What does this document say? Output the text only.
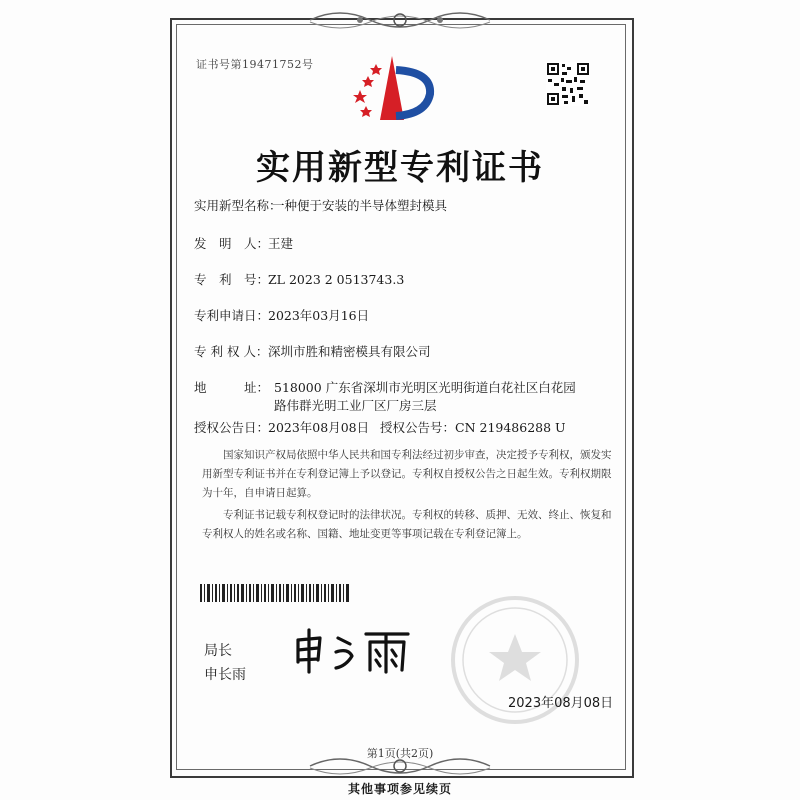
证书号第19471752号
实用新型专利证书
实用新型名称：一种便于安装的半导体塑封模具
发　明　人：王建
专　利　号：ZL 2023 2 0513743.3
专利申请日：2023年03月16日
专 利 权 人：深圳市胜和精密模具有限公司
地　　　址： 518000 广东省深圳市光明区光明街道白花社区白花园
路伟群光明工业厂区厂房三层
授权公告日：2023年08月08日 授权公告号：CN 219486288 U
国家知识产权局依照中华人民共和国专利法经过初步审查，决定授予专利权，颁发实用新型专利证书并在专利登记簿上予以登记。专利权自授权公告之日起生效。专利权期限为十年，自申请日起算。
专利证书记载专利权登记时的法律状况。专利权的转移、质押、无效、终止、恢复和专利权人的姓名或名称、国籍、地址变更等事项记载在专利登记簿上。
局长
申长雨
2023年08月08日
第1页(共2页)
其他事项参见续页
